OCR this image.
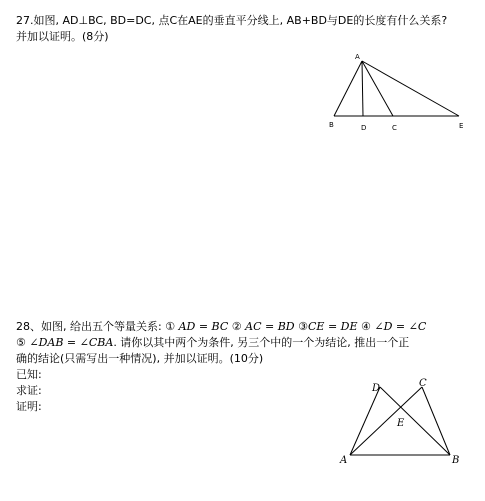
27.如图, AD⊥BC, BD=DC, 点C在AE的垂直平分线上, AB+BD与DE的长度有什么关系?
并加以证明。(8分)
A
B	D	C	E
28、如图, 给出五个等量关系: ① AD = BC ② AC = BD ③CE = DE ④ ∠D = ∠C
⑤ ∠DAB = ∠CBA. 请你以其中两个为条件, 另三个中的一个为结论, 推出一个正
确的结论(只需写出一种情况), 并加以证明。(10分)
已知:
求证:
证明:
D	C
E
A	B
